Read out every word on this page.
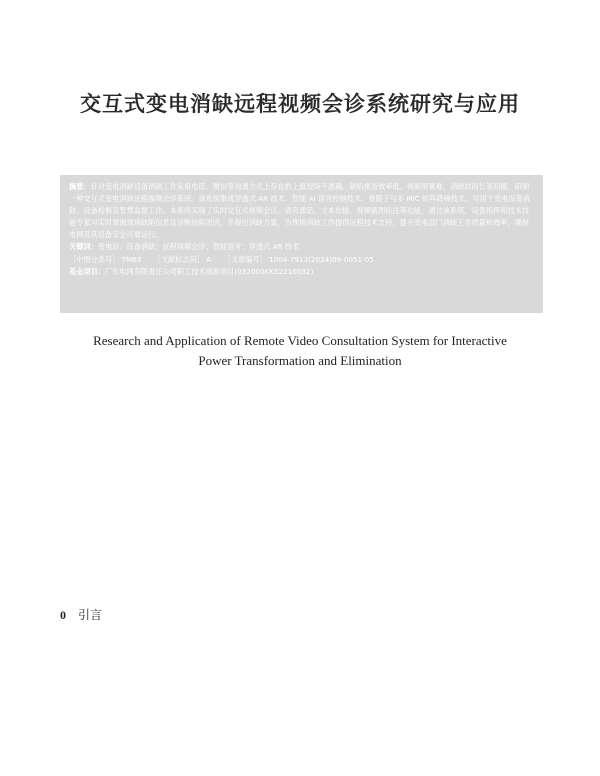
交互式变电消缺远程视频会诊系统研究与应用

摘要：针对变电消缺设备消缺工作采用电话、微信等沟通方式上存在的上报现场不准确、缺陷排查效率低、视频留置难、消缺时间长等问题，研制一种交互式变电消缺远程视频会诊系统。该系统集成穿透式 AR 技术、智能 AI 语音控制技术、骨膜子与多 MIC 矩阵降噪技术，可用于变电设备消缺、设备检修及智慧监督工作。本系统实现了实时交互式视频会议、语音通话、文本传输、视频截图标注等功能，通过该系统，设备指挥和技术技能专家可实时掌握现场缺陷信息及诊断缺陷原因，并提出消缺方案，为现场消缺工作提供远程技术支持，提升变电部门消缺工作质量和效率，确保电网及其设备安全可靠运行。

关键词：变电站；设备消缺；远程视频会诊；智能语音；穿透式 AR 技术

［中图分类号］ TM63 ［文献标志码］ A ［文章编号］ 1004-7913(2024)06-0051-05

基金项目：广东电网有限责任公司职工技术创新项目(032000KK52210032)

Research and Application of Remote Video Consultation System for Interactive
Power Transformation and Elimination
0 引言
